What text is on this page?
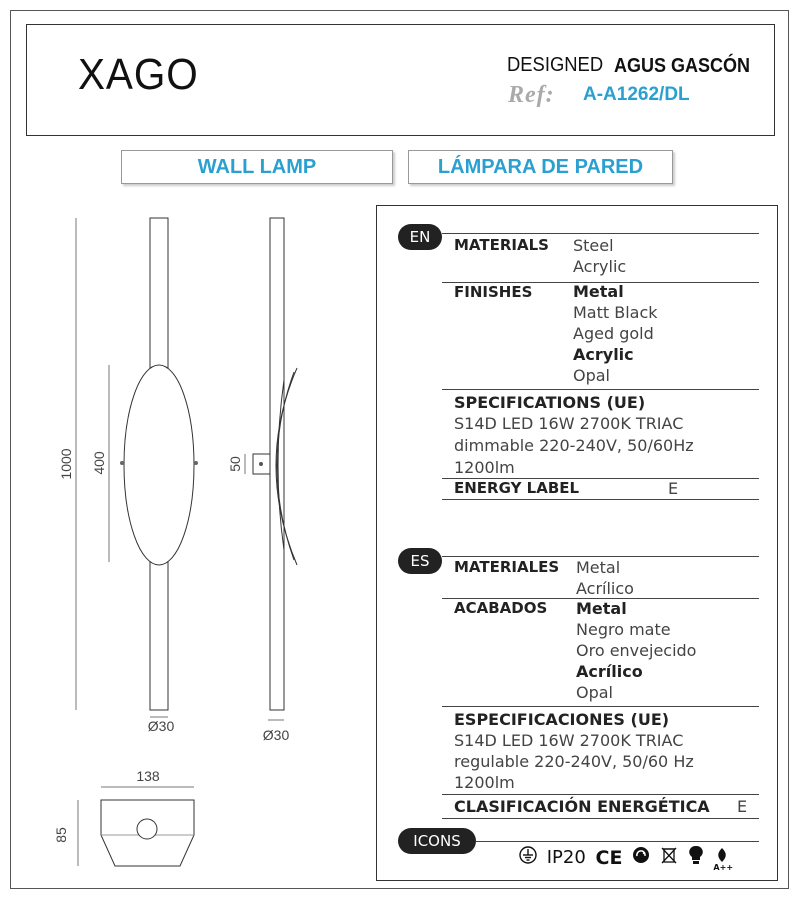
XAGO	DESIGNED AGUS GASCÓN
Ref: A-A1262/DL
WALL LAMP	LÁMPARA DE PARED
1000 400
Ø30
50
Ø30
138
85
EN	MATERIALS Steel
Acrylic
FINISHES	Metal
Matt Black
Aged gold
Acrylic
Opal
SPECIFICATIONS (UE)
S14D LED 16W 2700K TRIAC
dimmable 220-240V, 50/60Hz
1200lm
ENERGY LABEL	E
ES	MATERIALES Metal
Acrílico
ACABADOS Metal
Negro mate
Oro envejecido
Acrílico
Opal
ESPECIFICACIONES (UE)
S14D LED 16W 2700K TRIAC
regulable 220-240V, 50/60 Hz
1200lm
CLASIFICACIÓN ENERGÉTICA E
ICONS
IP20 CE	A++
